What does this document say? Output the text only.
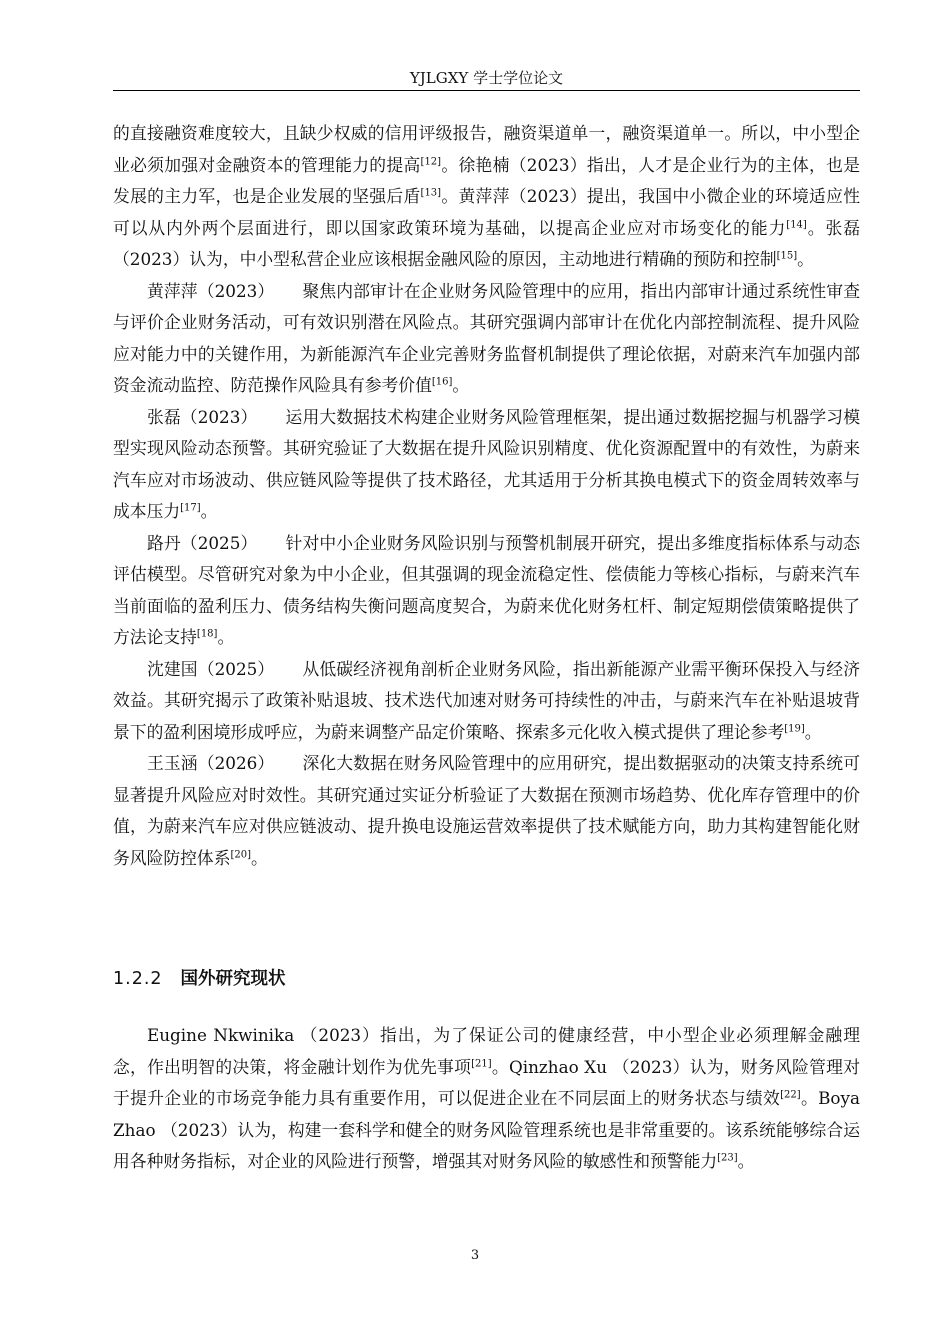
YJLGXY 学士学位论文

的直接融资难度较大，且缺少权威的信用评级报告，融资渠道单一，融资渠道单一。所以，中小型企业必须加强对金融资本的管理能力的提高[12]。徐艳楠（2023）指出，人才是企业行为的主体，也是发展的主力军，也是企业发展的坚强后盾[13]。黄萍萍（2023）提出，我国中小微企业的环境适应性可以从内外两个层面进行，即以国家政策环境为基础，以提高企业应对市场变化的能力[14]。张磊（2023）认为，中小型私营企业应该根据金融风险的原因，主动地进行精确的预防和控制[15]。

黄萍萍（2023） 聚焦内部审计在企业财务风险管理中的应用，指出内部审计通过系统性审查与评价企业财务活动，可有效识别潜在风险点。其研究强调内部审计在优化内部控制流程、提升风险应对能力中的关键作用，为新能源汽车企业完善财务监督机制提供了理论依据，对蔚来汽车加强内部资金流动监控、防范操作风险具有参考价值[16]。

张磊（2023） 运用大数据技术构建企业财务风险管理框架，提出通过数据挖掘与机器学习模型实现风险动态预警。其研究验证了大数据在提升风险识别精度、优化资源配置中的有效性，为蔚来汽车应对市场波动、供应链风险等提供了技术路径，尤其适用于分析其换电模式下的资金周转效率与成本压力[17]。

路丹（2025） 针对中小企业财务风险识别与预警机制展开研究，提出多维度指标体系与动态评估模型。尽管研究对象为中小企业，但其强调的现金流稳定性、偿债能力等核心指标，与蔚来汽车当前面临的盈利压力、债务结构失衡问题高度契合，为蔚来优化财务杠杆、制定短期偿债策略提供了方法论支持[18]。

沈建国（2025） 从低碳经济视角剖析企业财务风险，指出新能源产业需平衡环保投入与经济效益。其研究揭示了政策补贴退坡、技术迭代加速对财务可持续性的冲击，与蔚来汽车在补贴退坡背景下的盈利困境形成呼应，为蔚来调整产品定价策略、探索多元化收入模式提供了理论参考[19]。

王玉涵（2026） 深化大数据在财务风险管理中的应用研究，提出数据驱动的决策支持系统可显著提升风险应对时效性。其研究通过实证分析验证了大数据在预测市场趋势、优化库存管理中的价值，为蔚来汽车应对供应链波动、提升换电设施运营效率提供了技术赋能方向，助力其构建智能化财务风险防控体系[20]。

1.2.2 国外研究现状

Eugine Nkwinika （2023）指出，为了保证公司的健康经营，中小型企业必须理解金融理念，作出明智的决策，将金融计划作为优先事项[21]。Qinzhao Xu （2023）认为，财务风险管理对于提升企业的市场竞争能力具有重要作用，可以促进企业在不同层面上的财务状态与绩效[22]。Boya Zhao （2023）认为，构建一套科学和健全的财务风险管理系统也是非常重要的。该系统能够综合运用各种财务指标，对企业的风险进行预警，增强其对财务风险的敏感性和预警能力[23]。

3
